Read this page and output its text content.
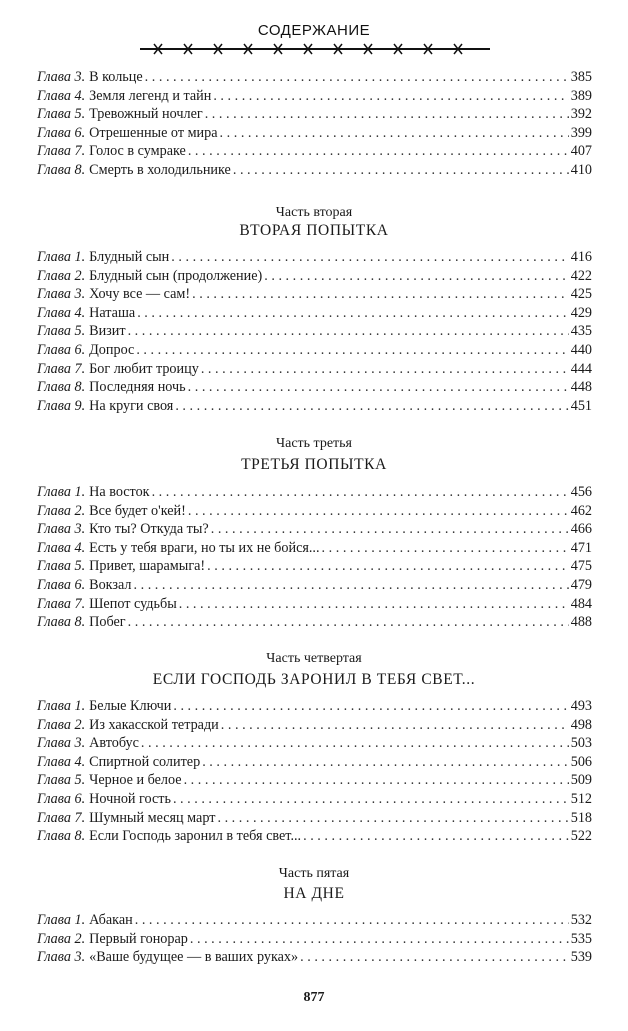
СОДЕРЖАНИЕ
Глава 3. В кольце . . .	385
Глава 4. Земля легенд и тайн . . .	389
Глава 5. Тревожный ночлег . . .	392
Глава 6. Отрешенные от мира . . .	399
Глава 7. Голос в сумраке . . .	407
Глава 8. Смерть в холодильнике . . .	410
Часть вторая
ВТОРАЯ ПОПЫТКА
Глава 1. Блудный сын . . .	416
Глава 2. Блудный сын (продолжение) . . .	422
Глава 3. Хочу все — сам! . . .	425
Глава 4. Наташа . . .	429
Глава 5. Визит . . .	435
Глава 6. Допрос . . .	440
Глава 7. Бог любит троицу . . .	444
Глава 8. Последняя ночь . . .	448
Глава 9. На круги своя . . .	451
Часть третья
ТРЕТЬЯ ПОПЫТКА
Глава 1. На восток . . .	456
Глава 2. Все будет о'кей! . . .	462
Глава 3. Кто ты? Откуда ты? . . .	466
Глава 4. Есть у тебя враги, но ты их не бойся... . . .	471
Глава 5. Привет, шарамыга! . . .	475
Глава 6. Вокзал . . .	479
Глава 7. Шепот судьбы . . .	484
Глава 8. Побег . . .	488
Часть четвертая
ЕСЛИ ГОСПОДЬ ЗАРОНИЛ В ТЕБЯ СВЕТ...
Глава 1. Белые Ключи . . .	493
Глава 2. Из хакасской тетради . . .	498
Глава 3. Автобус . . .	503
Глава 4. Спиртной солитер . . .	506
Глава 5. Черное и белое . . .	509
Глава 6. Ночной гость . . .	512
Глава 7. Шумный месяц март . . .	518
Глава 8. Если Господь заронил в тебя свет... . . .	522
Часть пятая
НА ДНЕ
Глава 1. Абакан . . .	532
Глава 2. Первый гонорар . . .	535
Глава 3. «Ваше будущее — в ваших руках» . . .	539
877
